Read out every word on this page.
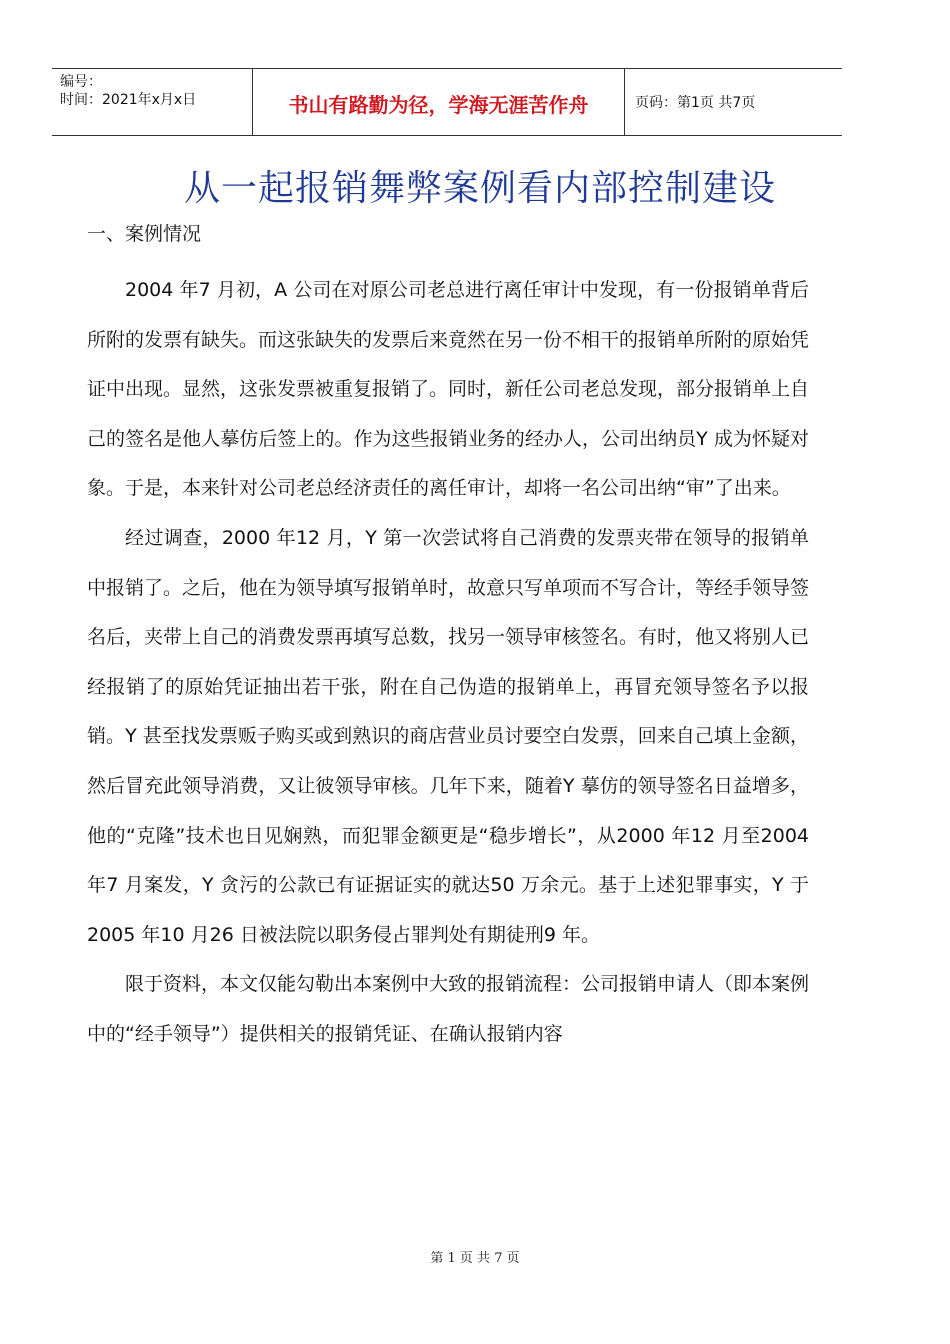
编号：
时间：2021年x月x日	书山有路勤为径，学海无涯苦作舟	页码：第1页 共7页
从一起报销舞弊案例看内部控制建设
一、案例情况

2004 年7 月初，A 公司在对原公司老总进行离任审计中发现，有一份报销单背后所附的发票有缺失。而这张缺失的发票后来竟然在另一份不相干的报销单所附的原始凭证中出现。显然，这张发票被重复报销了。同时，新任公司老总发现，部分报销单上自己的签名是他人摹仿后签上的。作为这些报销业务的经办人，公司出纳员Y 成为怀疑对象。于是，本来针对公司老总经济责任的离任审计，却将一名公司出纳“审”了出来。

经过调查，2000 年12 月，Y 第一次尝试将自己消费的发票夹带在领导的报销单中报销了。之后，他在为领导填写报销单时，故意只写单项而不写合计，等经手领导签名后，夹带上自己的消费发票再填写总数，找另一领导审核签名。有时，他又将别人已经报销了的原始凭证抽出若干张，附在自己伪造的报销单上，再冒充领导签名予以报销。Y 甚至找发票贩子购买或到熟识的商店营业员讨要空白发票，回来自己填上金额，然后冒充此领导消费，又让彼领导审核。几年下来，随着Y 摹仿的领导签名日益增多，他的“克隆”技术也日见娴熟，而犯罪金额更是“稳步增长”，从2000 年12 月至2004 年7 月案发，Y 贪污的公款已有证据证实的就达50 万余元。基于上述犯罪事实，Y 于2005 年10 月26 日被法院以职务侵占罪判处有期徒刑9 年。

限于资料，本文仅能勾勒出本案例中大致的报销流程：公司报销申请人（即本案例中的“经手领导”）提供相关的报销凭证、在确认报销内容

第 1 页 共 7 页
